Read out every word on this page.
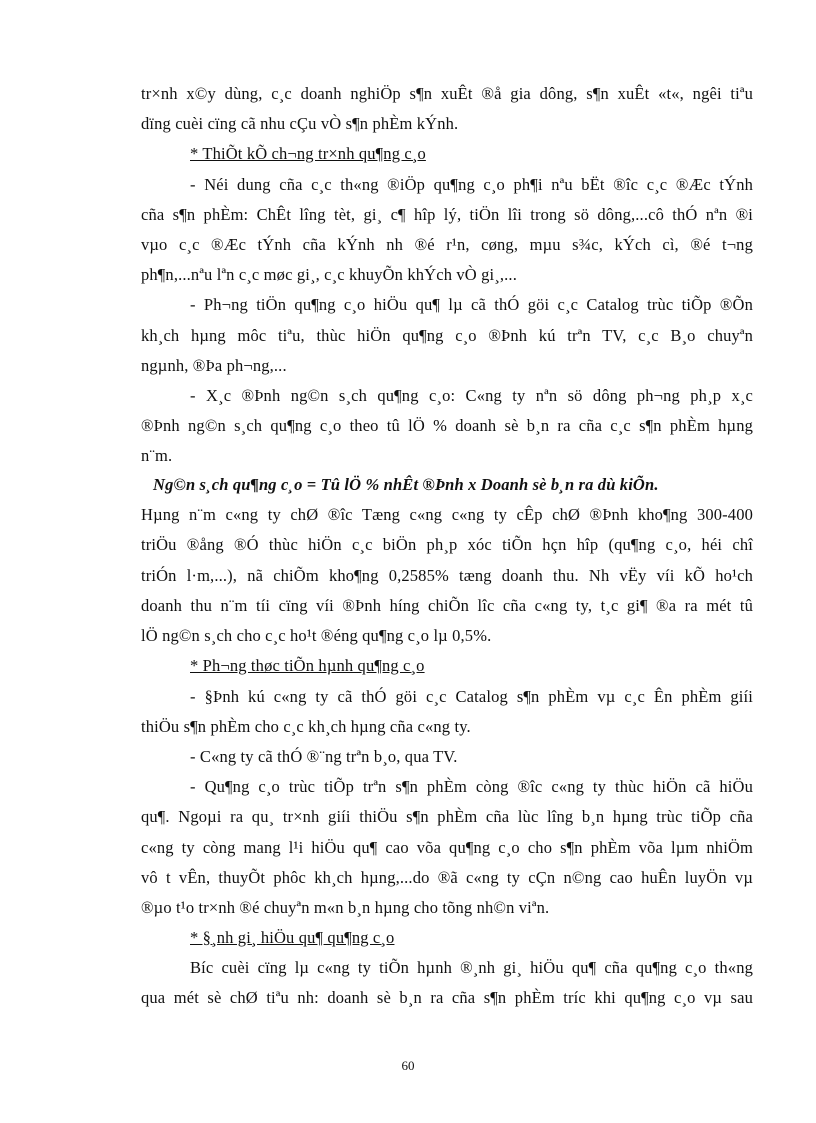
tr×nh x©y dùng, c¸c doanh nghiÖp s¶n xuÊt ®å gia dông, s¶n xuÊt «t«, ngêi tiªu
dïng cuèi cïng cã nhu cÇu vÒ s¶n phÈm kÝnh.
* ThiÕt kÕ ch¬ng tr×nh qu¶ng c¸o
- Néi dung cña c¸c th«ng ®iÖp qu¶ng c¸o ph¶i nªu bËt ®îc c¸c ®Æc tÝnh
cña s¶n phÈm: ChÊt lîng tèt, gi¸ c¶ hîp lý, tiÖn lîi trong sö dông,...cô thÓ nªn ®i
vµo c¸c ®Æc tÝnh cña kÝnh nh ®é r¹n, cøng, mµu s¾c, kÝch cì, ®é t¬ng
ph¶n,...nªu lªn c¸c møc gi¸, c¸c khuyÕn khÝch vÒ gi¸,...
- Ph¬ng tiÖn qu¶ng c¸o hiÖu qu¶ lµ cã thÓ göi c¸c Catalog trùc tiÕp ®Õn
kh¸ch hµng môc tiªu, thùc hiÖn qu¶ng c¸o ®Þnh kú trªn TV, c¸c B¸o chuyªn
ngµnh, ®Þa ph¬ng,...
- X¸c ®Þnh ng©n s¸ch qu¶ng c¸o: C«ng ty nªn sö dông ph¬ng ph¸p x¸c
®Þnh ng©n s¸ch qu¶ng c¸o theo tû lÖ % doanh sè b¸n ra cña c¸c s¶n phÈm hµng
n¨m.
Ng©n s¸ch qu¶ng c¸o = Tû lÖ % nhÊt ®Þnh x Doanh sè b¸n ra dù kiÕn.
Hµng n¨m c«ng ty chØ ®îc Tæng c«ng c«ng ty cÊp chØ ®Þnh kho¶ng 300-400
triÖu ®ång ®Ó thùc hiÖn c¸c biÖn ph¸p xóc tiÕn hçn hîp (qu¶ng c¸o, héi chî
triÓn l·m,...), nã chiÕm kho¶ng 0,2585% tæng doanh thu. Nh vËy víi kÕ ho¹ch
doanh thu n¨m tíi cïng víi ®Þnh híng chiÕn lîc cña c«ng ty, t¸c gi¶ ®a ra mét tû
lÖ ng©n s¸ch cho c¸c ho¹t ®éng qu¶ng c¸o lµ 0,5%.
* Ph¬ng thøc tiÕn hµnh qu¶ng c¸o
- §Þnh kú c«ng ty cã thÓ göi c¸c Catalog s¶n phÈm vµ c¸c Ên phÈm giíi
thiÖu s¶n phÈm cho c¸c kh¸ch hµng cña c«ng ty.
- C«ng ty cã thÓ ®¨ng trªn b¸o, qua TV.
- Qu¶ng c¸o trùc tiÕp trªn s¶n phÈm còng ®îc c«ng ty thùc hiÖn cã hiÖu
qu¶. Ngoµi ra qu¸ tr×nh giíi thiÖu s¶n phÈm cña lùc lîng b¸n hµng trùc tiÕp cña
c«ng ty còng mang l¹i hiÖu qu¶ cao võa qu¶ng c¸o cho s¶n phÈm võa lµm nhiÖm
vô t vÊn, thuyÕt phôc kh¸ch hµng,...do ®ã c«ng ty cÇn n©ng cao huÊn luyÖn vµ
®µo t¹o tr×nh ®é chuyªn m«n b¸n hµng cho tõng nh©n viªn.
* §¸nh gi¸ hiÖu qu¶ qu¶ng c¸o
Bíc cuèi cïng lµ c«ng ty tiÕn hµnh ®¸nh gi¸ hiÖu qu¶ cña qu¶ng c¸o th«ng
qua mét sè chØ tiªu nh: doanh sè b¸n ra cña s¶n phÈm tríc khi qu¶ng c¸o vµ sau
60
